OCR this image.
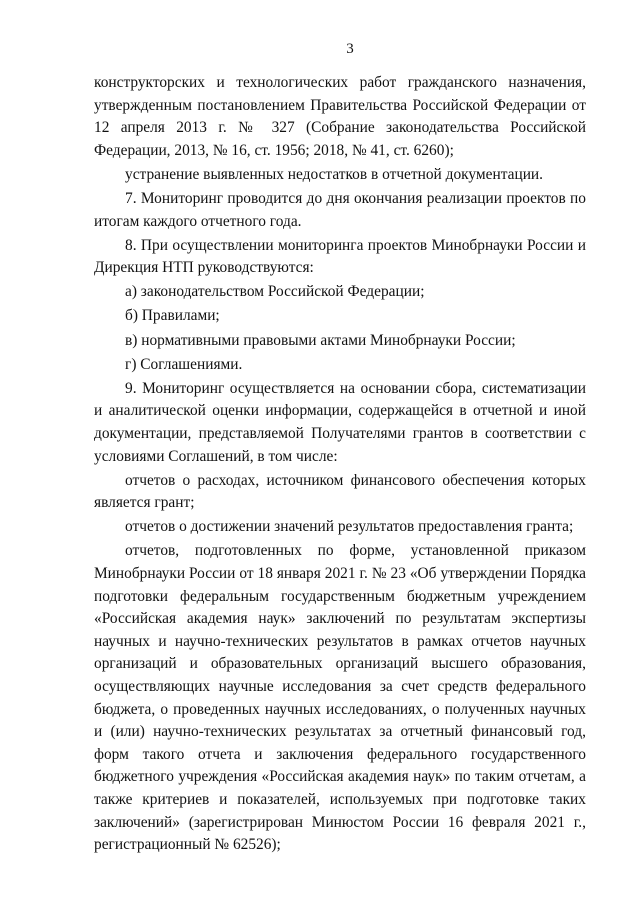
3

конструкторских и технологических работ гражданского назначения, утвержденным постановлением Правительства Российской Федерации от 12 апреля 2013 г. № 327 (Собрание законодательства Российской Федерации, 2013, № 16, ст. 1956; 2018, № 41, ст. 6260);

устранение выявленных недостатков в отчетной документации.

7. Мониторинг проводится до дня окончания реализации проектов по итогам каждого отчетного года.

8. При осуществлении мониторинга проектов Минобрнауки России и Дирекция НТП руководствуются:

а) законодательством Российской Федерации;

б) Правилами;

в) нормативными правовыми актами Минобрнауки России;

г) Соглашениями.

9. Мониторинг осуществляется на основании сбора, систематизации и аналитической оценки информации, содержащейся в отчетной и иной документации, представляемой Получателями грантов в соответствии с условиями Соглашений, в том числе:

отчетов о расходах, источником финансового обеспечения которых является грант;

отчетов о достижении значений результатов предоставления гранта;

отчетов, подготовленных по форме, установленной приказом Минобрнауки России от 18 января 2021 г. № 23 «Об утверждении Порядка подготовки федеральным государственным бюджетным учреждением «Российская академия наук» заключений по результатам экспертизы научных и научно-технических результатов в рамках отчетов научных организаций и образовательных организаций высшего образования, осуществляющих научные исследования за счет средств федерального бюджета, о проведенных научных исследованиях, о полученных научных и (или) научно-технических результатах за отчетный финансовый год, форм такого отчета и заключения федерального государственного бюджетного учреждения «Российская академия наук» по таким отчетам, а также критериев и показателей, используемых при подготовке таких заключений» (зарегистрирован Минюстом России 16 февраля 2021 г., регистрационный № 62526);
